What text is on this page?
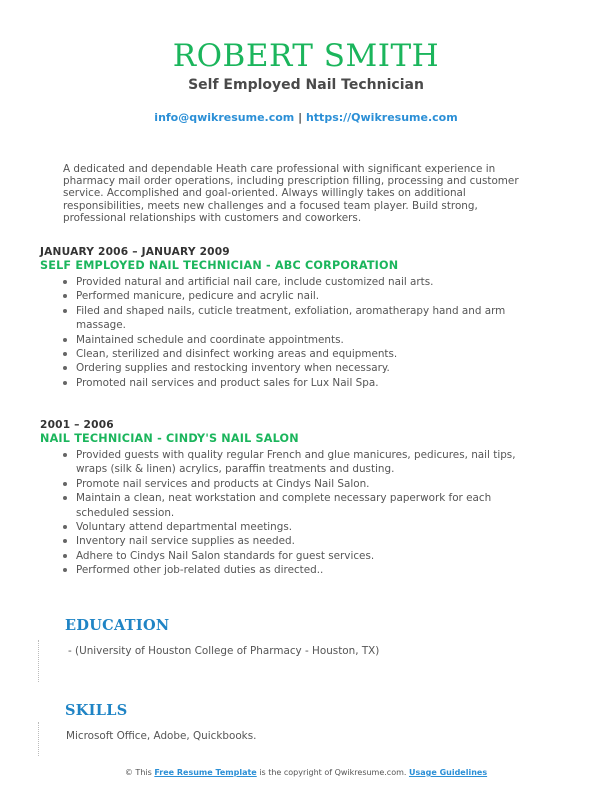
ROBERT SMITH
Self Employed Nail Technician
info@qwikresume.com | https://Qwikresume.com
A dedicated and dependable Heath care professional with significant experience in pharmacy mail order operations, including prescription filling, processing and customer service. Accomplished and goal-oriented. Always willingly takes on additional responsibilities, meets new challenges and a focused team player. Build strong, professional relationships with customers and coworkers.
JANUARY 2006 – JANUARY 2009
SELF EMPLOYED NAIL TECHNICIAN - ABC CORPORATION
Provided natural and artificial nail care, include customized nail arts.
Performed manicure, pedicure and acrylic nail.
Filed and shaped nails, cuticle treatment, exfoliation, aromatherapy hand and arm massage.
Maintained schedule and coordinate appointments.
Clean, sterilized and disinfect working areas and equipments.
Ordering supplies and restocking inventory when necessary.
Promoted nail services and product sales for Lux Nail Spa.
2001 – 2006
NAIL TECHNICIAN - CINDY'S NAIL SALON
Provided guests with quality regular French and glue manicures, pedicures, nail tips, wraps (silk & linen) acrylics, paraffin treatments and dusting.
Promote nail services and products at Cindys Nail Salon.
Maintain a clean, neat workstation and complete necessary paperwork for each scheduled session.
Voluntary attend departmental meetings.
Inventory nail service supplies as needed.
Adhere to Cindys Nail Salon standards for guest services.
Performed other job-related duties as directed..
EDUCATION
- (University of Houston College of Pharmacy - Houston, TX)
SKILLS
Microsoft Office, Adobe, Quickbooks.
© This Free Resume Template is the copyright of Qwikresume.com. Usage Guidelines
